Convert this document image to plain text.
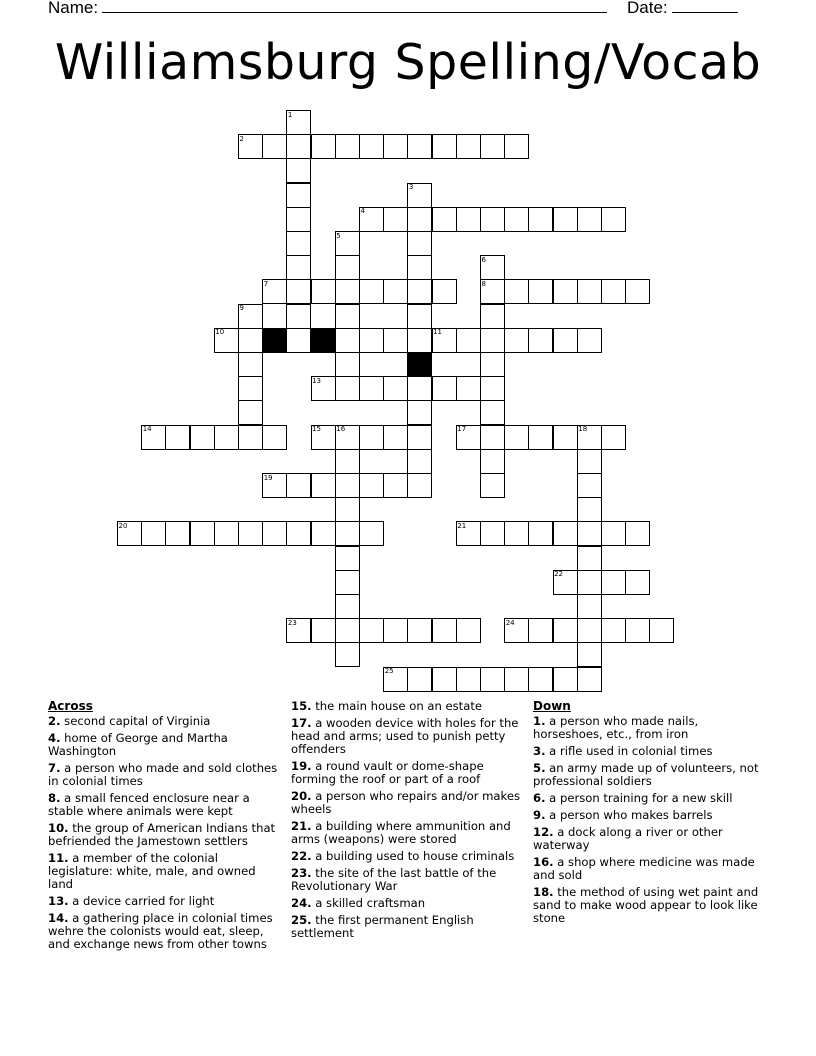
Name:	Date:
Williamsburg Spelling/Vocab
1
2
3
4
5
6
7	8
9
10	11
12
13
14	15 16	17	18
19
20	21
22
23	24
25
Across

2. second capital of Virginia

4. home of George and Martha Washington

7. a person who made and sold clothes in colonial times

8. a small fenced enclosure near a stable where animals were kept

10. the group of American Indians that befriended the Jamestown settlers

11. a member of the colonial legislature: white, male, and owned land

13. a device carried for light

14. a gathering place in colonial times wehre the colonists would eat, sleep, and exchange news from other towns

15. the main house on an estate

17. a wooden device with holes for the head and arms; used to punish petty offenders

19. a round vault or dome-shape forming the roof or part of a roof

20. a person who repairs and/or makes wheels

21. a building where ammunition and arms (weapons) were stored

22. a building used to house criminals

23. the site of the last battle of the Revolutionary War

24. a skilled craftsman

25. the first permanent English settlement

Down

1. a person who made nails, horseshoes, etc., from iron

3. a rifle used in colonial times

5. an army made up of volunteers, not professional soldiers

6. a person training for a new skill

9. a person who makes barrels

12. a dock along a river or other waterway

16. a shop where medicine was made and sold

18. the method of using wet paint and sand to make wood appear to look like stone
